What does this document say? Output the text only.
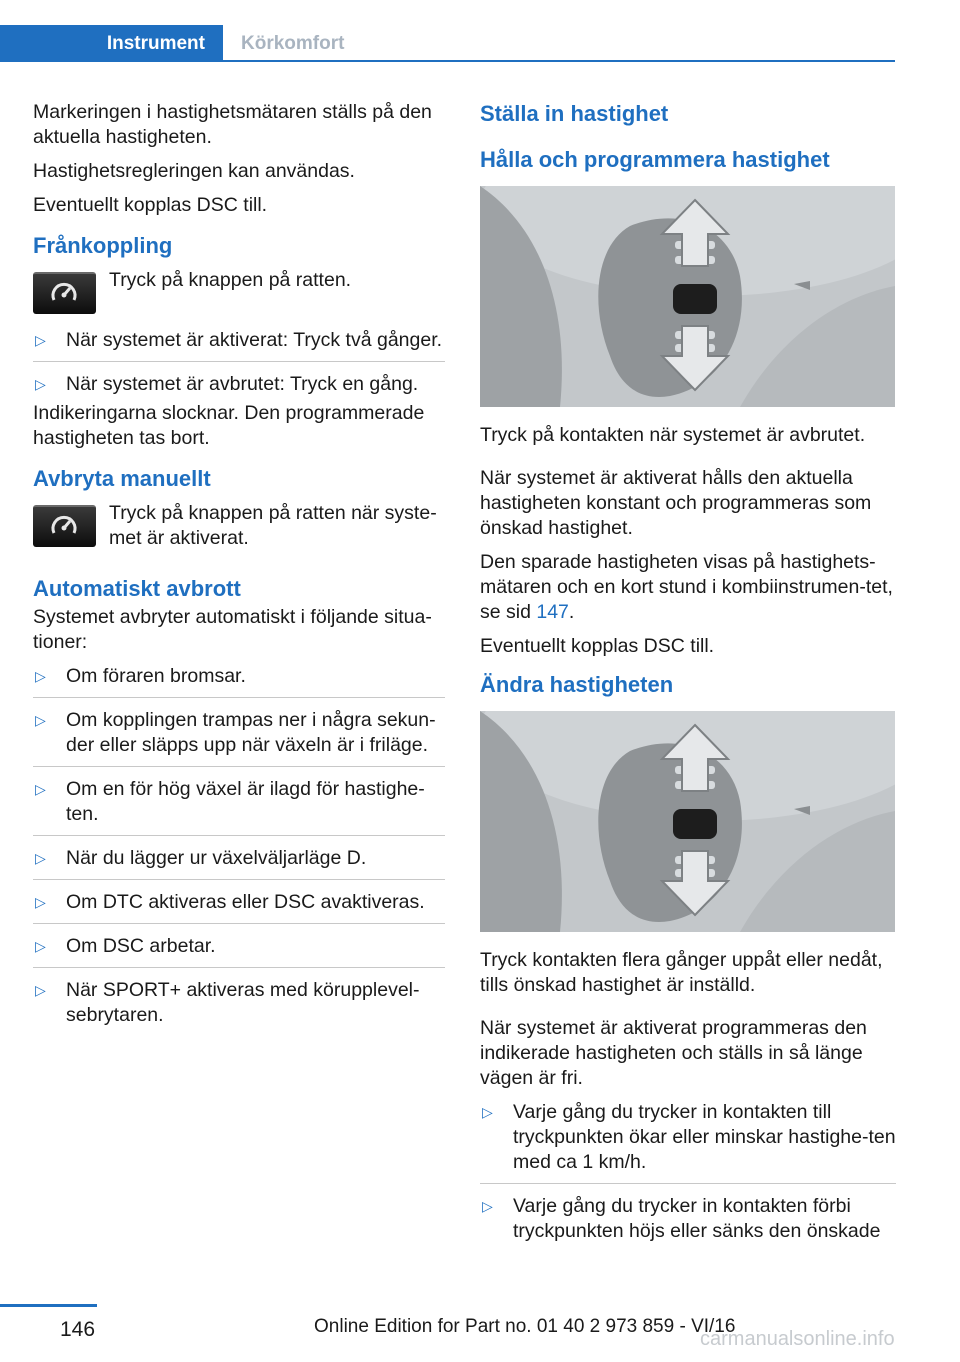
Instrument Körkomfort

Markeringen i hastighetsmätaren ställs på den aktuella hastigheten.

Hastighetsregleringen kan användas.

Eventuellt kopplas DSC till.

Frånkoppling
Tryck på knappen på ratten.
▷ När systemet är aktiverat: Tryck två gånger.
▷ När systemet är avbrutet: Tryck en gång.

Indikeringarna slocknar. Den programmerade hastigheten tas bort.

Avbryta manuellt
Tryck på knappen på ratten när syste‐met är aktiverat.
Automatiskt avbrott

Systemet avbryter automatiskt i följande situa‐tioner:

▷ Om föraren bromsar.
▷ Om kopplingen trampas ner i några sekun‐der eller släpps upp när växeln är i friläge.
▷ Om en för hög växel är ilagd för hastighe‐ten.
▷ När du lägger ur växelväljarläge D.
▷ Om DTC aktiveras eller DSC avaktiveras.
▷ Om DSC arbetar.
▷ När SPORT+ aktiveras med körupplevel‐sebrytaren.
Ställa in hastighet
Hålla och programmera hastighet

Tryck på kontakten när systemet är avbrutet.

När systemet är aktiverat hålls den aktuella hastigheten konstant och programmeras som önskad hastighet.

Den sparade hastigheten visas på hastighets‐mätaren och en kort stund i kombiinstrumen‐tet, se sid 147.

Eventuellt kopplas DSC till.

Ändra hastigheten

Tryck kontakten flera gånger uppåt eller nedåt, tills önskad hastighet är inställd.

När systemet är aktiverat programmeras den indikerade hastigheten och ställs in så länge vägen är fri.

▷ Varje gång du trycker in kontakten till tryckpunkten ökar eller minskar hastighe‐ten med ca 1 km/h.
▷ Varje gång du trycker in kontakten förbi tryckpunkten höjs eller sänks den önskade
146	Online Edition for Part no. 01 40 2 973 859 - VI/16
carmanualsonline.info
